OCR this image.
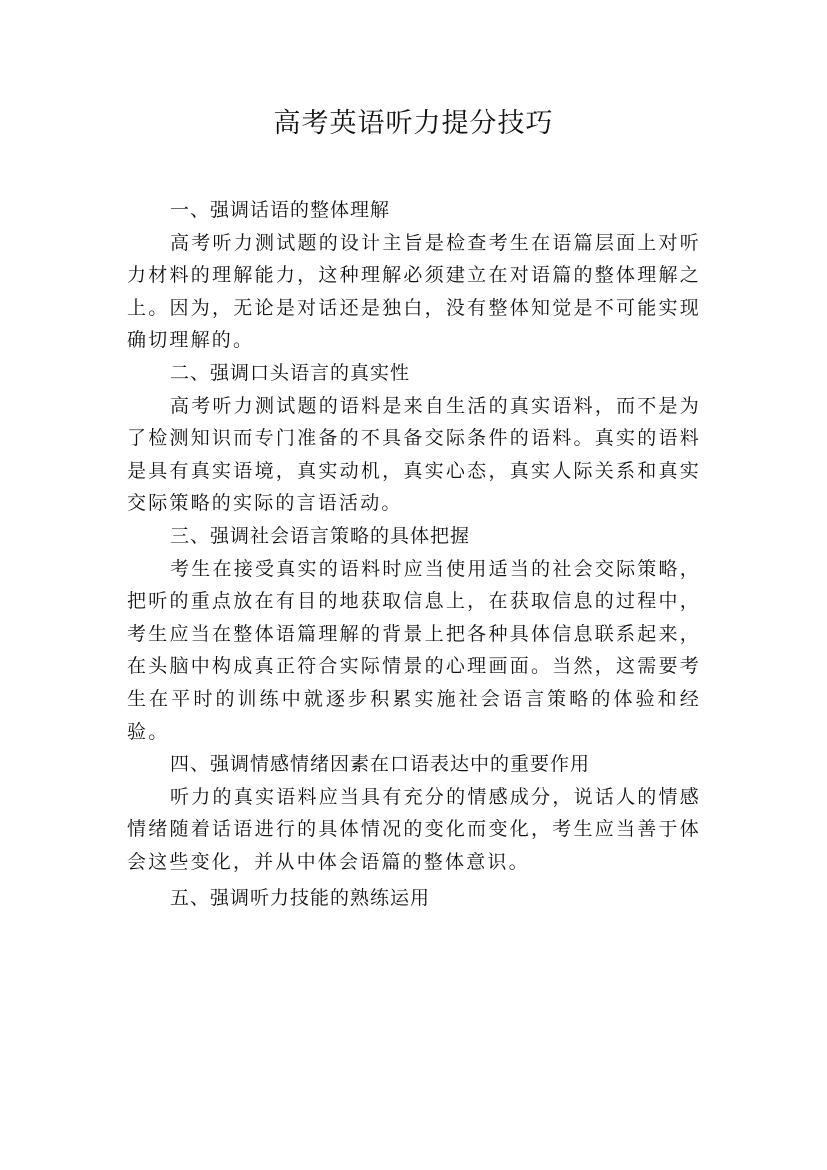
高考英语听力提分技巧

一、强调话语的整体理解

高考听力测试题的设计主旨是检查考生在语篇层面上对听力材料的理解能力，这种理解必须建立在对语篇的整体理解之上。因为，无论是对话还是独白，没有整体知觉是不可能实现确切理解的。

二、强调口头语言的真实性

高考听力测试题的语料是来自生活的真实语料，而不是为了检测知识而专门准备的不具备交际条件的语料。真实的语料是具有真实语境，真实动机，真实心态，真实人际关系和真实交际策略的实际的言语活动。

三、强调社会语言策略的具体把握

考生在接受真实的语料时应当使用适当的社会交际策略，把听的重点放在有目的地获取信息上，在获取信息的过程中，考生应当在整体语篇理解的背景上把各种具体信息联系起来，在头脑中构成真正符合实际情景的心理画面。当然，这需要考生在平时的训练中就逐步积累实施社会语言策略的体验和经验。

四、强调情感情绪因素在口语表达中的重要作用

听力的真实语料应当具有充分的情感成分，说话人的情感情绪随着话语进行的具体情况的变化而变化，考生应当善于体会这些变化，并从中体会语篇的整体意识。

五、强调听力技能的熟练运用
